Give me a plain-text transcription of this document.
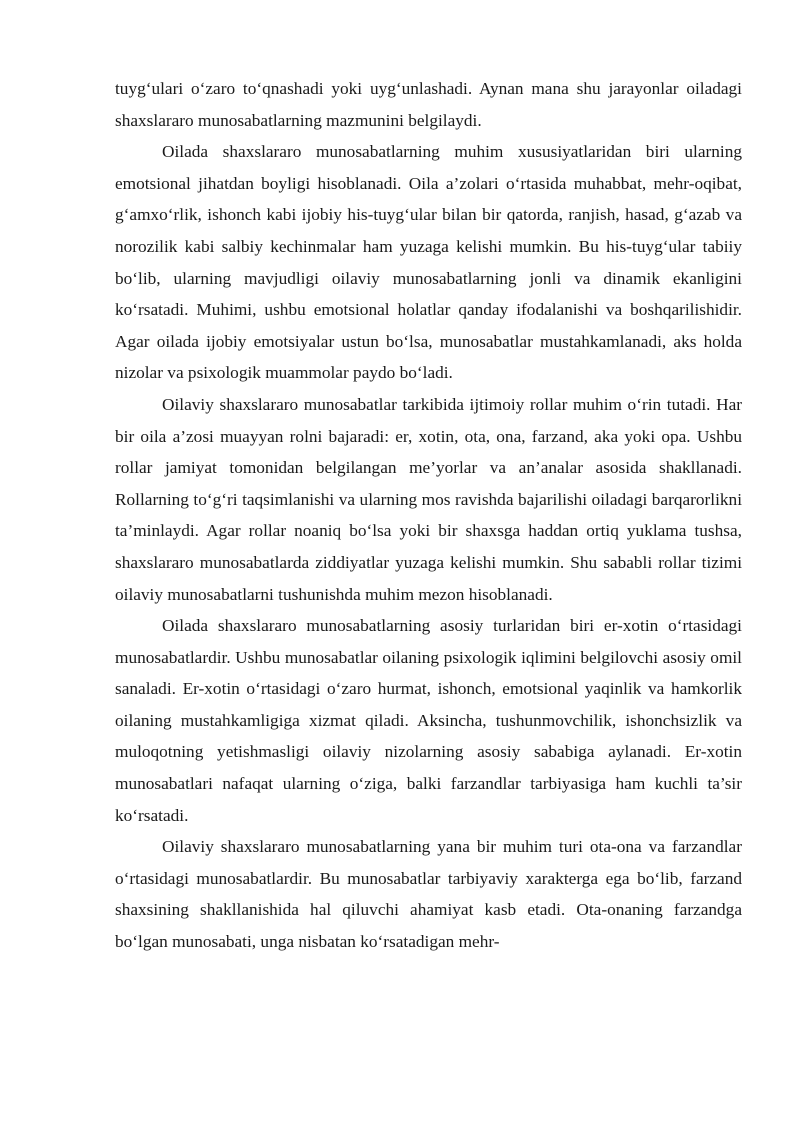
tuyg‘ulari o‘zaro to‘qnashadi yoki uyg‘unlashadi. Aynan mana shu jarayonlar oiladagi shaxslararo munosabatlarning mazmunini belgilaydi.

Oilada shaxslararo munosabatlarning muhim xususiyatlaridan biri ularning emotsional jihatdan boyligi hisoblanadi. Oila a’zolari o‘rtasida muhabbat, mehr-oqibat, g‘amxo‘rlik, ishonch kabi ijobiy his-tuyg‘ular bilan bir qatorda, ranjish, hasad, g‘azab va norozilik kabi salbiy kechinmalar ham yuzaga kelishi mumkin. Bu his-tuyg‘ular tabiiy bo‘lib, ularning mavjudligi oilaviy munosabatlarning jonli va dinamik ekanligini ko‘rsatadi. Muhimi, ushbu emotsional holatlar qanday ifodalanishi va boshqarilishidir. Agar oilada ijobiy emotsiyalar ustun bo‘lsa, munosabatlar mustahkamlanadi, aks holda nizolar va psixologik muammolar paydo bo‘ladi.

Oilaviy shaxslararo munosabatlar tarkibida ijtimoiy rollar muhim o‘rin tutadi. Har bir oila a’zosi muayyan rolni bajaradi: er, xotin, ota, ona, farzand, aka yoki opa. Ushbu rollar jamiyat tomonidan belgilangan me’yorlar va an’analar asosida shakllanadi. Rollarning to‘g‘ri taqsimlanishi va ularning mos ravishda bajarilishi oiladagi barqarorlikni ta’minlaydi. Agar rollar noaniq bo‘lsa yoki bir shaxsga haddan ortiq yuklama tushsa, shaxslararo munosabatlarda ziddiyatlar yuzaga kelishi mumkin. Shu sababli rollar tizimi oilaviy munosabatlarni tushunishda muhim mezon hisoblanadi.

Oilada shaxslararo munosabatlarning asosiy turlaridan biri er-xotin o‘rtasidagi munosabatlardir. Ushbu munosabatlar oilaning psixologik iqlimini belgilovchi asosiy omil sanaladi. Er-xotin o‘rtasidagi o‘zaro hurmat, ishonch, emotsional yaqinlik va hamkorlik oilaning mustahkamligiga xizmat qiladi. Aksincha, tushunmovchilik, ishonchsizlik va muloqotning yetishmasligi oilaviy nizolarning asosiy sababiga aylanadi. Er-xotin munosabatlari nafaqat ularning o‘ziga, balki farzandlar tarbiyasiga ham kuchli ta’sir ko‘rsatadi.

Oilaviy shaxslararo munosabatlarning yana bir muhim turi ota-ona va farzandlar o‘rtasidagi munosabatlardir. Bu munosabatlar tarbiyaviy xarakterga ega bo‘lib, farzand shaxsining shakllanishida hal qiluvchi ahamiyat kasb etadi. Ota-onaning farzandga bo‘lgan munosabati, unga nisbatan ko‘rsatadigan mehr-
